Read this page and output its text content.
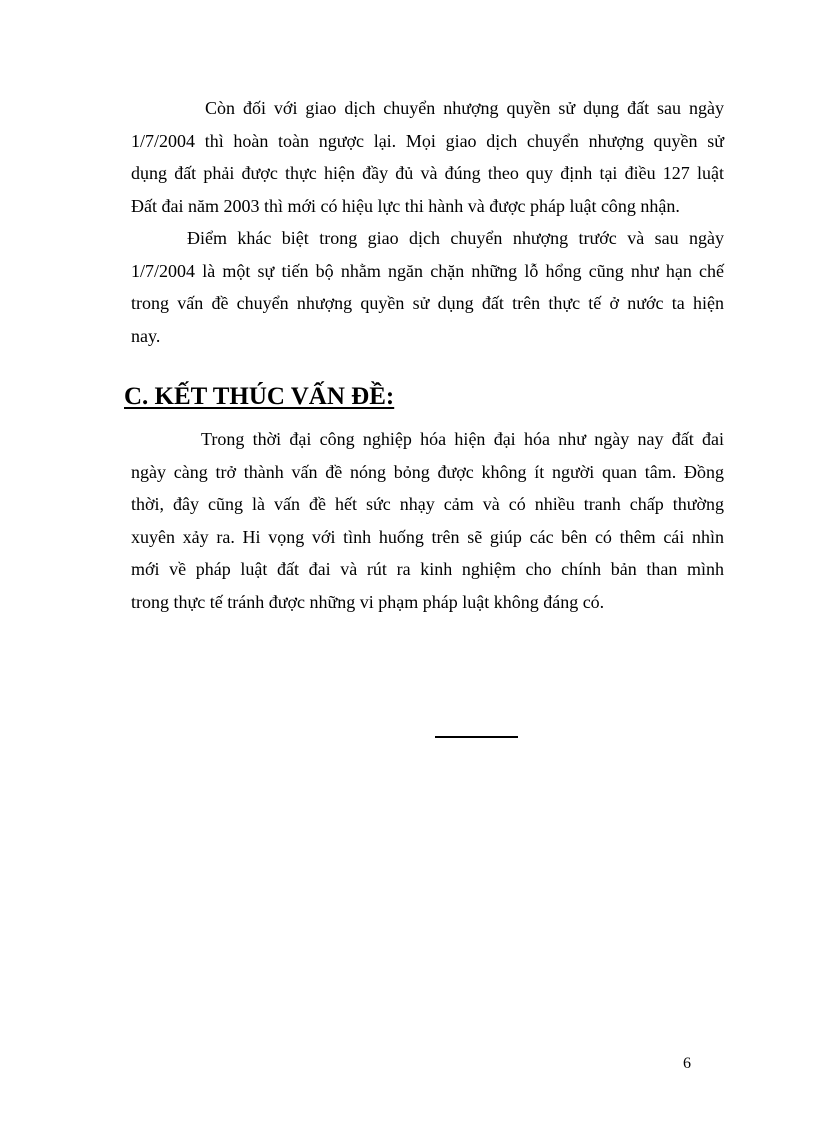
Còn đối với giao dịch chuyển nhượng quyền sử dụng đất sau ngày
1/7/2004 thì hoàn toàn ngược lại. Mọi giao dịch chuyển nhượng quyền sử
dụng đất phải được thực hiện đầy đủ và đúng theo quy định tại điều 127 luật
Đất đai năm 2003 thì mới có hiệu lực thi hành và được pháp luật công nhận.
Điểm khác biệt trong giao dịch chuyển nhượng trước và sau ngày
1/7/2004 là một sự tiến bộ nhằm ngăn chặn những lỗ hổng cũng như hạn chế
trong vấn đề chuyển nhượng quyền sử dụng đất trên thực tế ở nước ta hiện
nay.
C. KẾT THÚC VẤN ĐỀ:
Trong thời đại công nghiệp hóa hiện đại hóa như ngày nay đất đai
ngày càng trở thành vấn đề nóng bỏng được không ít người quan tâm. Đồng
thời, đây cũng là vấn đề hết sức nhạy cảm và có nhiều tranh chấp thường
xuyên xảy ra. Hi vọng với tình huống trên sẽ giúp các bên có thêm cái nhìn
mới về pháp luật đất đai và rút ra kinh nghiệm cho chính bản than mình
trong thực tế tránh được những vi phạm pháp luật không đáng có.
6
